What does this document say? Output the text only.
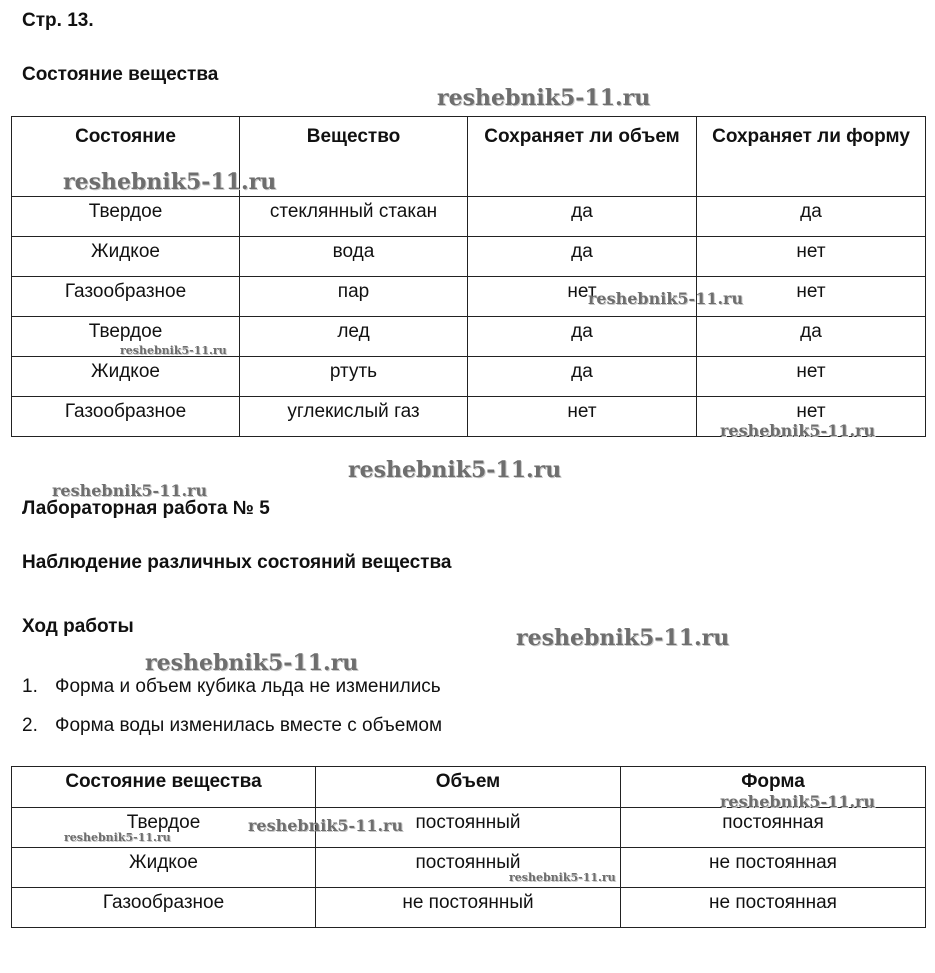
Стр. 13.
Состояние вещества
Состояние	Вещество	Сохраняет ли объем	Сохраняет ли форму
Твердое	стеклянный стакан	да	да
Жидкое	вода	да	нет
Газообразное	пар	нет	нет
Твердое	лед	да	да
Жидкое	ртуть	да	нет
Газообразное	углекислый газ	нет	нет
Лабораторная работа № 5
Наблюдение различных состояний вещества
Ход работы
1. Форма и объем кубика льда не изменились
2. Форма воды изменилась вместе с объемом
Состояние вещества	Объем	Форма
Твердое	постоянный	постоянная
Жидкое	постоянный	не постоянная
Газообразное	не постоянный	не постоянная
reshebnik5-11.ru
reshebnik5-11.ru
reshebnik5-11.ru
reshebnik5-11.ru
reshebnik5-11.ru
reshebnik5-11.ru
reshebnik5-11.ru
reshebnik5-11.ru
reshebnik5-11.ru
reshebnik5-11.ru
reshebnik5-11.ru
reshebnik5-11.ru
reshebnik5-11.ru
